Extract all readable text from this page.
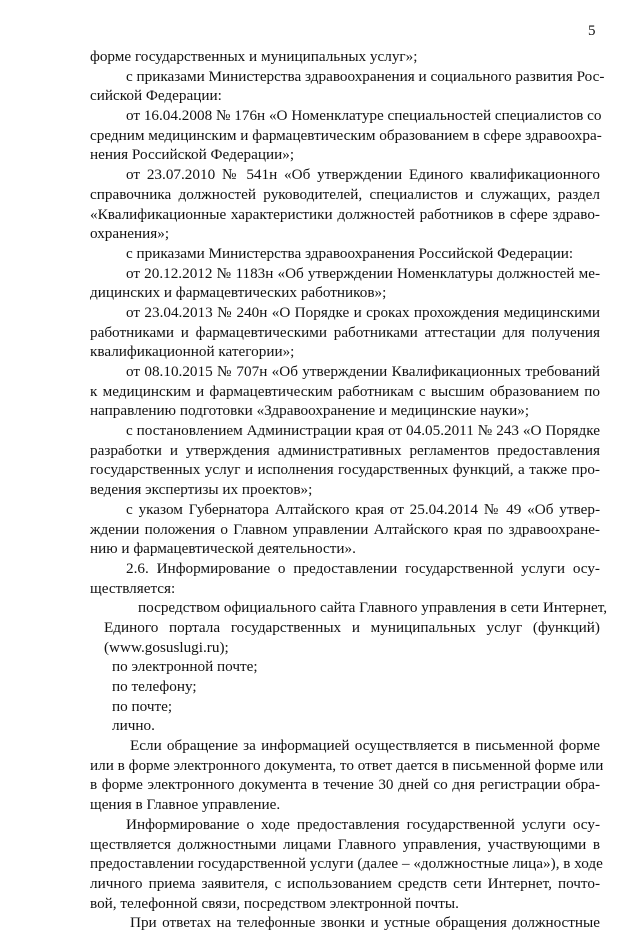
5
форме государственных и муниципальных услуг»;
с приказами Министерства здравоохранения и социального развития Рос-
сийской Федерации:
от 16.04.2008 № 176н «О Номенклатуре специальностей специалистов со
средним медицинским и фармацевтическим образованием в сфере здравоохра-
нения Российской Федерации»;
от 23.07.2010 № 541н «Об утверждении Единого квалификационного
справочника должностей руководителей, специалистов и служащих, раздел
«Квалификационные характеристики должностей работников в сфере здраво-
охранения»;
с приказами Министерства здравоохранения Российской Федерации:
от 20.12.2012 № 1183н «Об утверждении Номенклатуры должностей ме-
дицинских и фармацевтических работников»;
от 23.04.2013 № 240н «О Порядке и сроках прохождения медицинскими
работниками и фармацевтическими работниками аттестации для получения
квалификационной категории»;
от 08.10.2015 № 707н «Об утверждении Квалификационных требований
к медицинским и фармацевтическим работникам с высшим образованием по
направлению подготовки «Здравоохранение и медицинские науки»;
с постановлением Администрации края от 04.05.2011 № 243 «О Порядке
разработки и утверждения административных регламентов предоставления
государственных услуг и исполнения государственных функций, а также про-
ведения экспертизы их проектов»;
с указом Губернатора Алтайского края от 25.04.2014 № 49 «Об утвер-
ждении положения о Главном управлении Алтайского края по здравоохране-
нию и фармацевтической деятельности».
2.6. Информирование о предоставлении государственной услуги осу-
ществляется:
посредством официального сайта Главного управления в сети Интернет,
Единого портала государственных и муниципальных услуг (функций)
(www.gosuslugi.ru);
по электронной почте;
по телефону;
по почте;
лично.
Если обращение за информацией осуществляется в письменной форме
или в форме электронного документа, то ответ дается в письменной форме или
в форме электронного документа в течение 30 дней со дня регистрации обра-
щения в Главное управление.
Информирование о ходе предоставления государственной услуги осу-
ществляется должностными лицами Главного управления, участвующими в
предоставлении государственной услуги (далее – «должностные лица»), в ходе
личного приема заявителя, с использованием средств сети Интернет, почто-
вой, телефонной связи, посредством электронной почты.
При ответах на телефонные звонки и устные обращения должностные
